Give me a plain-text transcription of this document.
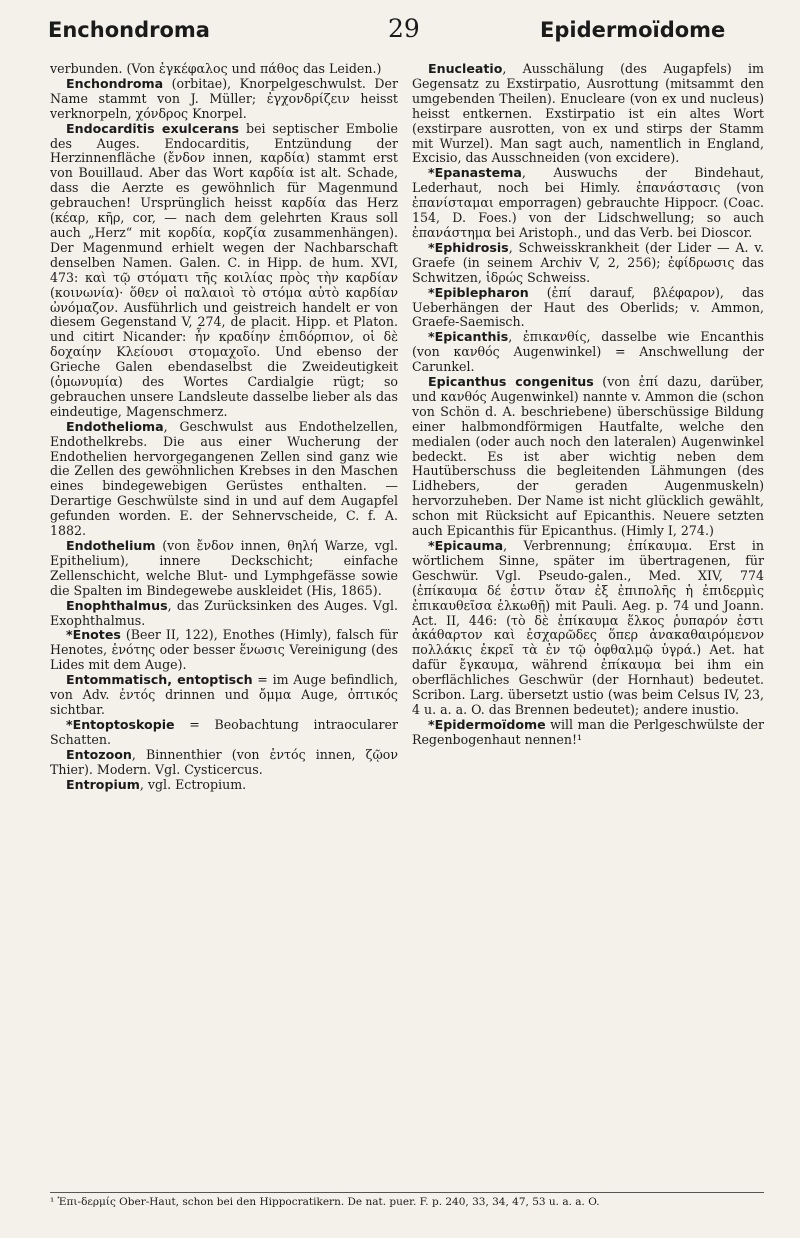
Enchondroma	29	Epidermoïdome

verbunden. (Von ἐγκέφαλος und πάθος das Leiden.)

Enchondroma (orbitae), Knorpelgeschwulst. Der Name stammt von J. Müller; ἐγχονδρίζειν heisst verknorpeln, χόνδρος Knorpel.

Endocarditis exulcerans bei septischer Embolie des Auges. Endocarditis, Entzündung der Herzinnenfläche (ἔνδον innen, καρδία) stammt erst von Bouillaud. Aber das Wort καρδία ist alt. Schade, dass die Aerzte es gewöhnlich für Magenmund gebrauchen! Ursprünglich heisst καρδία das Herz (κέαρ, κῆρ, cor, — nach dem gelehrten Kraus soll auch „Herz“ mit κορδία, κορζία zusammenhängen). Der Magenmund erhielt wegen der Nachbarschaft denselben Namen. Galen. C. in Hipp. de hum. XVI, 473: καὶ τῷ στόματι τῆς κοιλίας πρὸς τὴν καρδίαν (κοινωνία)· ὅθεν οἱ παλαιοὶ τὸ στόμα αὐτὸ καρδίαν ὠνόμαζον. Ausführlich und geistreich handelt er von diesem Gegenstand V, 274, de placit. Hipp. et Platon. und citirt Nicander: ἦν κραδίην ἐπιδόρπιον, οἱ δὲ δοχαίην Κλείουσι στομαχοῖο. Und ebenso der Grieche Galen ebendaselbst die Zweideutigkeit (ὁμωνυμία) des Wortes Cardialgie rügt; so gebrauchen unsere Landsleute dasselbe lieber als das eindeutige, Magenschmerz.

Endothelioma, Geschwulst aus Endothelzellen, Endothelkrebs. Die aus einer Wucherung der Endothelien hervorgegangenen Zellen sind ganz wie die Zellen des gewöhnlichen Krebses in den Maschen eines bindegewebigen Gerüstes enthalten. — Derartige Geschwülste sind in und auf dem Augapfel gefunden worden. E. der Sehnervscheide, C. f. A. 1882.

Endothelium (von ἔνδον innen, θηλή Warze, vgl. Epithelium), innere Deckschicht; einfache Zellenschicht, welche Blut- und Lymphgefässe sowie die Spalten im Bindegewebe auskleidet (His, 1865).

Enophthalmus, das Zurücksinken des Auges. Vgl. Exophthalmus.

*Enotes (Beer II, 122), Enothes (Himly), falsch für Henotes, ἑνότης oder besser ἕνωσις Vereinigung (des Lides mit dem Auge).

Entommatisch, entoptisch = im Auge befindlich, von Adv. ἐντός drinnen und ὄμμα Auge, ὀπτικός sichtbar.

*Entoptoskopie = Beobachtung intraocularer Schatten.

Entozoon, Binnenthier (von ἐντός innen, ζῷον Thier). Modern. Vgl. Cysticercus.

Entropium, vgl. Ectropium.

Enucleatio, Ausschälung (des Augapfels) im Gegensatz zu Exstirpatio, Ausrottung (mitsammt den umgebenden Theilen). Enucleare (von ex und nucleus) heisst entkernen. Exstirpatio ist ein altes Wort (exstirpare ausrotten, von ex und stirps der Stamm mit Wurzel). Man sagt auch, namentlich in England, Excisio, das Ausschneiden (von excidere).

*Epanastema, Auswuchs der Bindehaut, Lederhaut, noch bei Himly. ἐπανάστασις (von ἐπανίσταμαι emporragen) gebrauchte Hippocr. (Coac. 154, D. Foes.) von der Lidschwellung; so auch ἐπανάστημα bei Aristoph., und das Verb. bei Dioscor.

*Ephidrosis, Schweisskrankheit (der Lider — A. v. Graefe (in seinem Archiv V, 2, 256); ἐφίδρωσις das Schwitzen, ἱδρώς Schweiss.

*Epiblepharon (ἐπί darauf, βλέφαρον), das Ueberhängen der Haut des Oberlids; v. Ammon, Graefe-Saemisch.

*Epicanthis, ἐπικανθίς, dasselbe wie Encanthis (von κανθός Augenwinkel) = Anschwellung der Carunkel.

Epicanthus congenitus (von ἐπί dazu, darüber, und κανθός Augenwinkel) nannte v. Ammon die (schon von Schön d. A. beschriebene) überschüssige Bildung einer halbmondförmigen Hautfalte, welche den medialen (oder auch noch den lateralen) Augenwinkel bedeckt. Es ist aber wichtig neben dem Hautüberschuss die begleitenden Lähmungen (des Lidhebers, der geraden Augenmuskeln) hervorzuheben. Der Name ist nicht glücklich gewählt, schon mit Rücksicht auf Epicanthis. Neuere setzten auch Epicanthis für Epicanthus. (Himly I, 274.)

*Epicauma, Verbrennung; ἐπίκαυμα. Erst in wörtlichem Sinne, später im übertragenen, für Geschwür. Vgl. Pseudo-galen., Med. XIV, 774 (ἐπίκαυμα δέ ἐστιν ὅταν ἐξ ἐπιπολῆς ἡ ἐπιδερμὶς ἐπικαυθεῖσα ἑλκωθῇ) mit Pauli. Aeg. p. 74 und Joann. Act. II, 446: (τὸ δὲ ἐπίκαυμα ἕλκος ῥυπαρόν ἐστι ἀκάθαρτον καὶ ἐσχαρῶδες ὅπερ ἀνακαθαιρόμενον πολλάκις ἐκρεῖ τὰ ἐν τῷ ὀφθαλμῷ ὑγρά.) Aet. hat dafür ἔγκαυμα, während ἐπίκαυμα bei ihm ein oberflächliches Geschwür (der Hornhaut) bedeutet. Scribon. Larg. übersetzt ustio (was beim Celsus IV, 23, 4 u. a. a. O. das Brennen bedeutet); andere inustio.

*Epidermoïdome will man die Perlgeschwülste der Regenbogenhaut nennen!¹

¹ Ἐπι-δερμίς Ober-Haut, schon bei den Hippocratikern. De nat. puer. F. p. 240, 33, 34, 47, 53 u. a. a. O.
